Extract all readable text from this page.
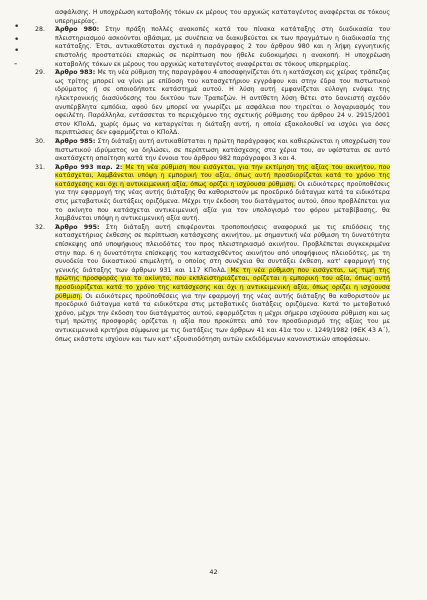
•
•
•
-

ασφάλισης. Η υποχρέωση καταβολής τόκων εκ μέρους του αρχικώς καταταγέντος αναφέρεται σε τόκους υπερημερίας.

28. Άρθρο 980: Στην πράξη πολλές ανακοπές κατά του πίνακα κατάταξης στη διαδικασία του πλειστηριασμού ασκούνται αβάσιμα, με συνέπεια να διακυβεύεται εκ των πραγμάτων η διαδικασία της κατάταξης. Έτσι, αντικαθίσταται σχετικά η παράγραφος 2 του άρθρου 980 και η λήψη εγγυητικής επιστολής προστατεύει επαρκώς σε περίπτωση που ήθελε ευδοκιμήσει η ανακοπή. Η υποχρέωση καταβολής τόκων εκ μέρους του αρχικώς καταταγέντος αναφέρεται σε τόκους υπερημερίας.

29. Άρθρο 983: Με τη νέα ρύθμιση της παραγράφου 4 αποσαφηνίζεται ότι η κατάσχεση εις χείρας τράπεζας ως τρίτης μπορεί να γίνει με επίδοση του κατασχετήριου εγγράφου και στην έδρα του πιστωτικού ιδρύματος ή σε οποιοδήποτε κατάστημά αυτού. Η λύση αυτή εμφανίζεται εύλογη ενόψει της ηλεκτρονικής διασύνδεσης του δικτύου των Τραπεζών. Η αντίθετη λύση θέτει στο δανειστή σχεδόν ανυπέρβλητα εμπόδια, αφού δεν μπορεί να γνωρίζει με ασφάλεια που τηρείται ο λογαριασμός του οφειλέτη. Παράλληλα, εντάσσεται το περιεχόμενο της σχετικής ρύθμισης του άρθρου 24 ν. 2915/2001 στον ΚΠολΔ, χωρίς όμως να καταργείται η διάταξη αυτή, η οποία εξακολουθεί να ισχύει για όσες περιπτώσεις δεν εφαρμόζεται ο ΚΠολΔ.

30. Άρθρο 985: Στη διάταξη αυτή αντικαθίσταται η πρώτη παράγραφος και καθιερώνεται η υποχρέωση του πιστωτικού ιδρύματος να δηλώσει, σε περίπτωση κατάσχεσης στα χέρια του, αν υφίσταται σε αυτό ακατάσχετη απαίτηση κατά την έννοια του άρθρου 982 παράγραφοι 3 και 4.

31. Άρθρο 993 παρ. 2: Με τη νέα ρύθμιση που εισάγεται, για την εκτίμηση της αξίας του ακινήτου, που κατάσχεται, λαμβάνεται υπόψη η εμπορική του αξία, όπως αυτή προσδιορίζεται κατά το χρόνο της κατάσχεσης και όχι η αντικειμενική αξία, όπως ορίζει η ισχύουσα ρύθμιση. Οι ειδικότερες προϋποθέσεις για την εφαρμογή της νέας αυτής διάταξης θα καθοριστούν με προεδρικό διάταγμα κατά τα ειδικότερα στις μεταβατικές διατάξεις οριζόμενα. Μέχρι την έκδοση του διατάγματος αυτού, όπου προβλέπεται για το ακίνητο που κατάσχεται αντικειμενική αξία για τον υπολογισμό του φόρου μεταβίβασης, θα λαμβάνεται υπόψη η αντικειμενική αξία αυτή.

32. Άρθρο 995: Στη διάταξη αυτή επιφέρονται τροποποιήσεις αναφορικά με τις επιδόσεις της κατασχετήριας έκθεσης σε περίπτωση κατάσχεσης ακινήτου, με σημαντική νέα ρύθμιση τη δυνατότητα επίσκεψης από υποψήφιους πλειοδότες του προς πλειστηριασμό ακινήτου. Προβλέπεται συγκεκριμένα στην παρ. 6 η δυνατότητα επίσκεψης του κατασχεθέντος ακινήτου από υποψήφιους πλειοδότες, με τη συνοδεία του δικαστικού επιμελητή, ο οποίος στη συνέχεια θα συντάξει έκθεση, κατ' εφαρμογή της γενικής διάταξης των άρθρων 931 και 117 ΚΠολΔ. Με τη νέα ρύθμιση που εισάγεται, ως τιμή της πρώτης προσφοράς για το ακίνητο, που εκπλειστηριάζεται, ορίζεται η εμπορική του αξία, όπως αυτή προσδιορίζεται κατά το χρόνο της κατάσχεσης και όχι η αντικειμενική αξία, όπως ορίζει η ισχύουσα ρύθμιση. Οι ειδικότερες προϋποθέσεις για την εφαρμογή της νέας αυτής διάταξης θα καθοριστούν με προεδρικό διάταγμα κατά τα ειδικότερα στις μεταβατικές διατάξεις οριζόμενα. Κατά το μεταβατικό χρόνο, μέχρι την έκδοση του διατάγματος αυτού, εφαρμόζεται η μέχρι σήμερα ισχύουσα ρύθμιση και ως τιμή πρώτης προσφοράς ορίζεται η αξία που προκύπτει από τον προσδιορισμό της αξίας του με αντικειμενικά κριτήρια σύμφωνα με τις διατάξεις των άρθρων 41 και 41α του ν. 1249/1982 (ΦΕΚ 43 Α΄), όπως εκάστοτε ισχύουν και των κατ' εξουσιοδότηση αυτών εκδιδόμενων κανονιστικών αποφάσεων.

42
